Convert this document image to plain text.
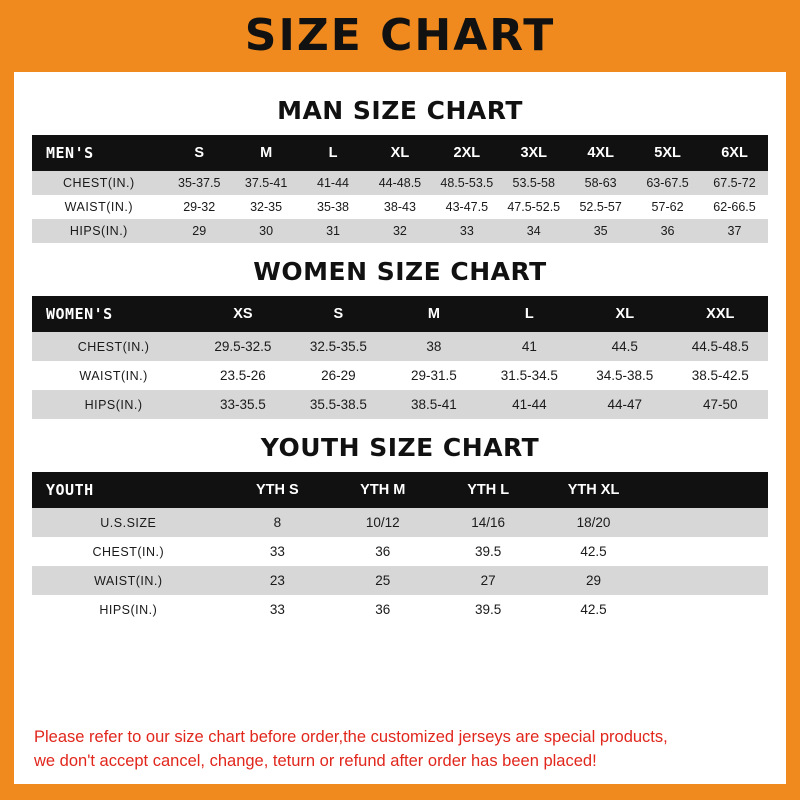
SIZE CHART
MAN SIZE CHART
MEN'S	S	M	L	XL	2XL	3XL	4XL	5XL	6XL
CHEST(IN.)	35-37.5	37.5-41	41-44	44-48.5	48.5-53.5	53.5-58	58-63	63-67.5	67.5-72
WAIST(IN.)	29-32	32-35	35-38	38-43	43-47.5	47.5-52.5	52.5-57	57-62	62-66.5
HIPS(IN.)	29	30	31	32	33	34	35	36	37
WOMEN SIZE CHART
WOMEN'S	XS	S	M	L	XL	XXL
CHEST(IN.)	29.5-32.5	32.5-35.5	38	41	44.5	44.5-48.5
WAIST(IN.)	23.5-26	26-29	29-31.5	31.5-34.5	34.5-38.5	38.5-42.5
HIPS(IN.)	33-35.5	35.5-38.5	38.5-41	41-44	44-47	47-50
YOUTH SIZE CHART
YOUTH	YTH S	YTH M	YTH L	YTH XL	
U.S.SIZE	8	10/12	14/16	18/20	
CHEST(IN.)	33	36	39.5	42.5	
WAIST(IN.)	23	25	27	29	
HIPS(IN.)	33	36	39.5	42.5	

Please refer to our size chart before order,the customized jerseys are special products,

we don't accept cancel, change, teturn or refund after order has been placed!
